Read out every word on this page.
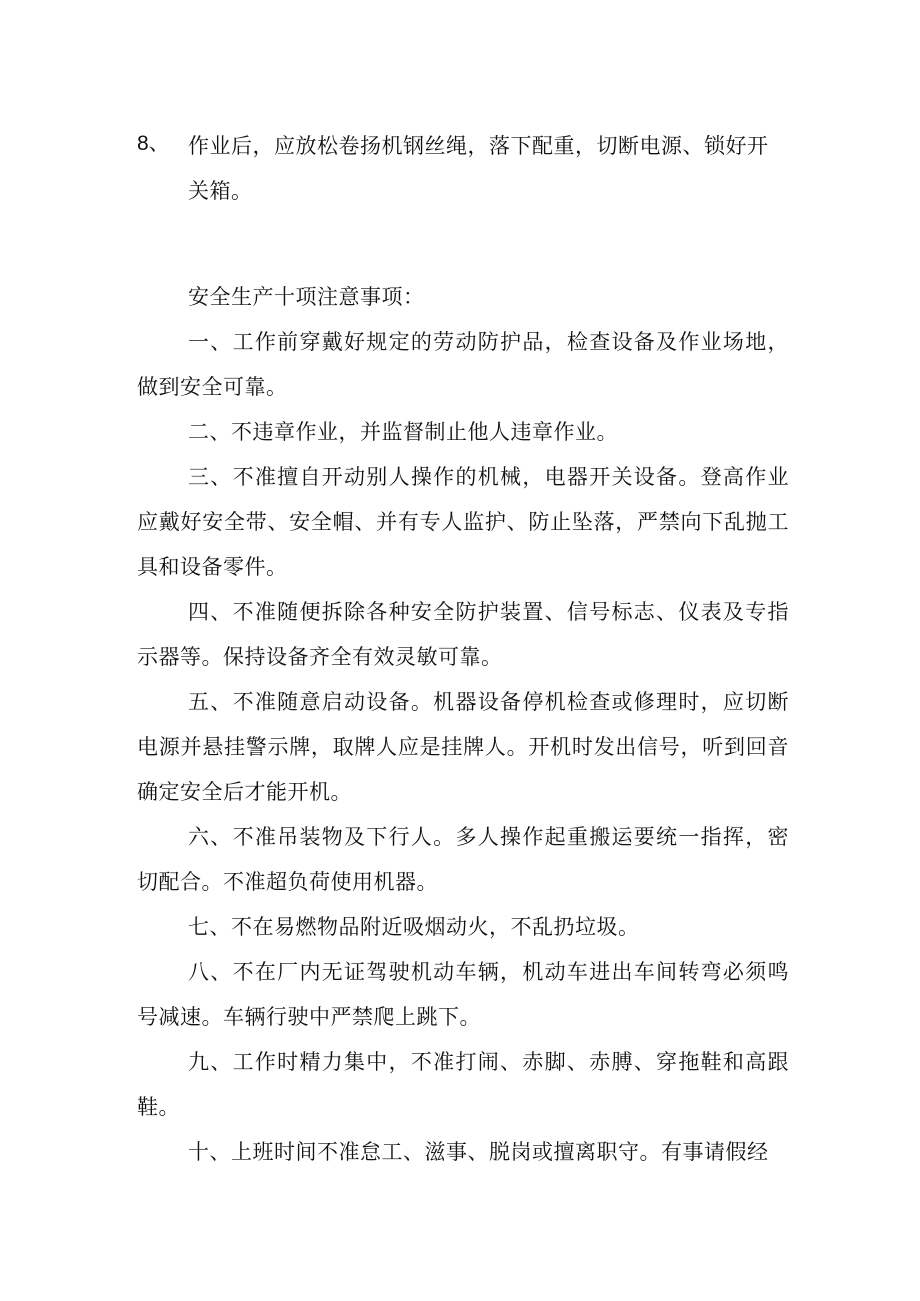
8、 作业后，应放松卷扬机钢丝绳，落下配重，切断电源、锁好开关箱。

安全生产十项注意事项：

一、工作前穿戴好规定的劳动防护品，检查设备及作业场地，做到安全可靠。

二、不违章作业，并监督制止他人违章作业。

三、不准擅自开动别人操作的机械，电器开关设备。登高作业应戴好安全带、安全帽、并有专人监护、防止坠落，严禁向下乱抛工具和设备零件。

四、不准随便拆除各种安全防护装置、信号标志、仪表及专指示器等。保持设备齐全有效灵敏可靠。

五、不准随意启动设备。机器设备停机检查或修理时，应切断电源并悬挂警示牌，取牌人应是挂牌人。开机时发出信号，听到回音确定安全后才能开机。

六、不准吊装物及下行人。多人操作起重搬运要统一指挥，密切配合。不准超负荷使用机器。

七、不在易燃物品附近吸烟动火，不乱扔垃圾。

八、不在厂内无证驾驶机动车辆，机动车进出车间转弯必须鸣号减速。车辆行驶中严禁爬上跳下。

九、工作时精力集中，不准打闹、赤脚、赤膊、穿拖鞋和高跟鞋。

十、上班时间不准怠工、滋事、脱岗或擅离职守。有事请假经
